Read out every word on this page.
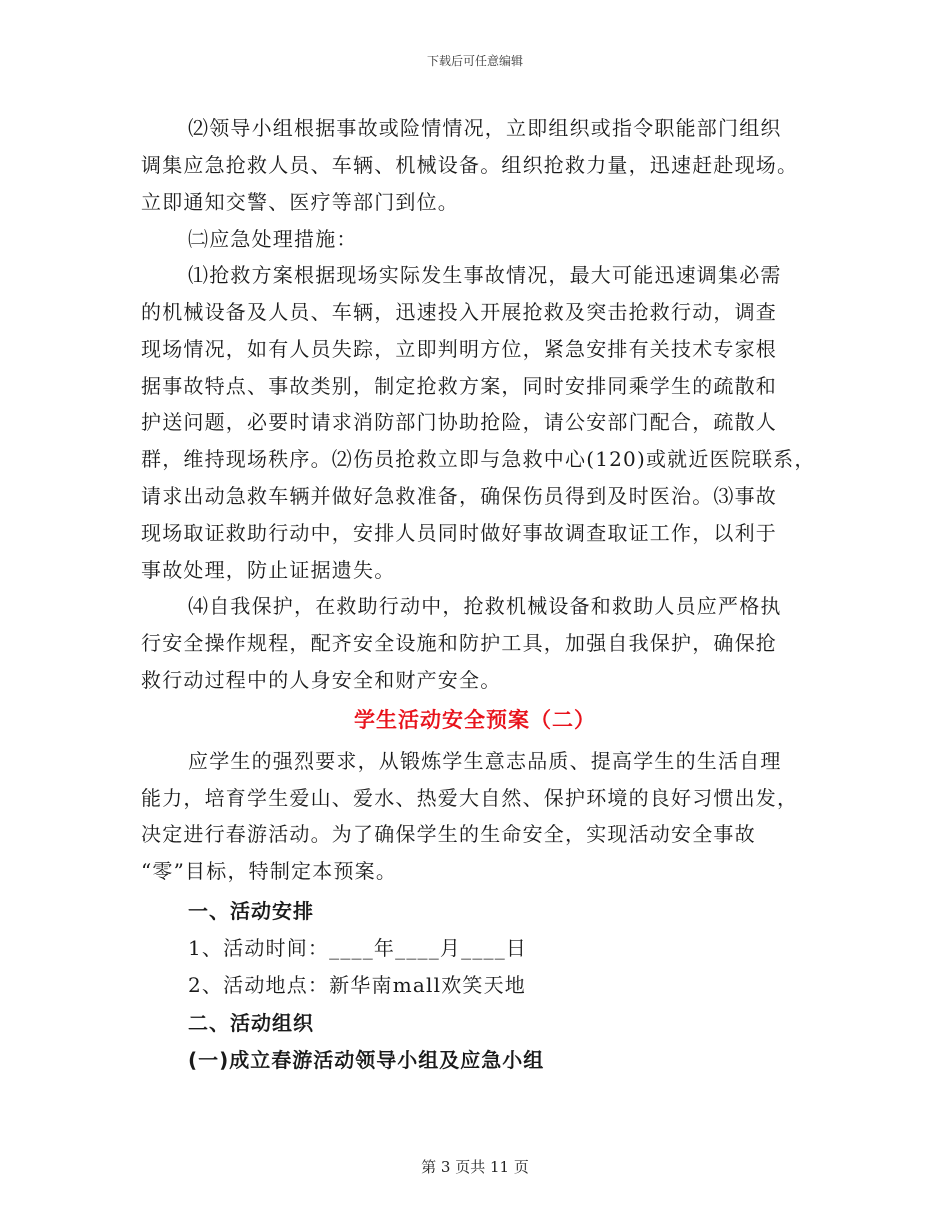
下载后可任意编辑
⑵领导小组根据事故或险情情况，立即组织或指令职能部门组织
调集应急抢救人员、车辆、机械设备。组织抢救力量，迅速赶赴现场。
立即通知交警、医疗等部门到位。
㈡应急处理措施：
⑴抢救方案根据现场实际发生事故情况，最大可能迅速调集必需
的机械设备及人员、车辆，迅速投入开展抢救及突击抢救行动，调查
现场情况，如有人员失踪，立即判明方位，紧急安排有关技术专家根
据事故特点、事故类别，制定抢救方案，同时安排同乘学生的疏散和
护送问题，必要时请求消防部门协助抢险，请公安部门配合，疏散人
群，维持现场秩序。⑵伤员抢救立即与急救中心(120)或就近医院联系，
请求出动急救车辆并做好急救准备，确保伤员得到及时医治。⑶事故
现场取证救助行动中，安排人员同时做好事故调查取证工作，以利于
事故处理，防止证据遗失。
⑷自我保护，在救助行动中，抢救机械设备和救助人员应严格执
行安全操作规程，配齐安全设施和防护工具，加强自我保护，确保抢
救行动过程中的人身安全和财产安全。
学生活动安全预案（二）
应学生的强烈要求，从锻炼学生意志品质、提高学生的生活自理
能力，培育学生爱山、爱水、热爱大自然、保护环境的良好习惯出发，
决定进行春游活动。为了确保学生的生命安全，实现活动安全事故
“零”目标，特制定本预案。
一、活动安排
1、活动时间：____年____月____日
2、活动地点：新华南mall欢笑天地
二、活动组织
(一)成立春游活动领导小组及应急小组
第 3 页共 11 页
